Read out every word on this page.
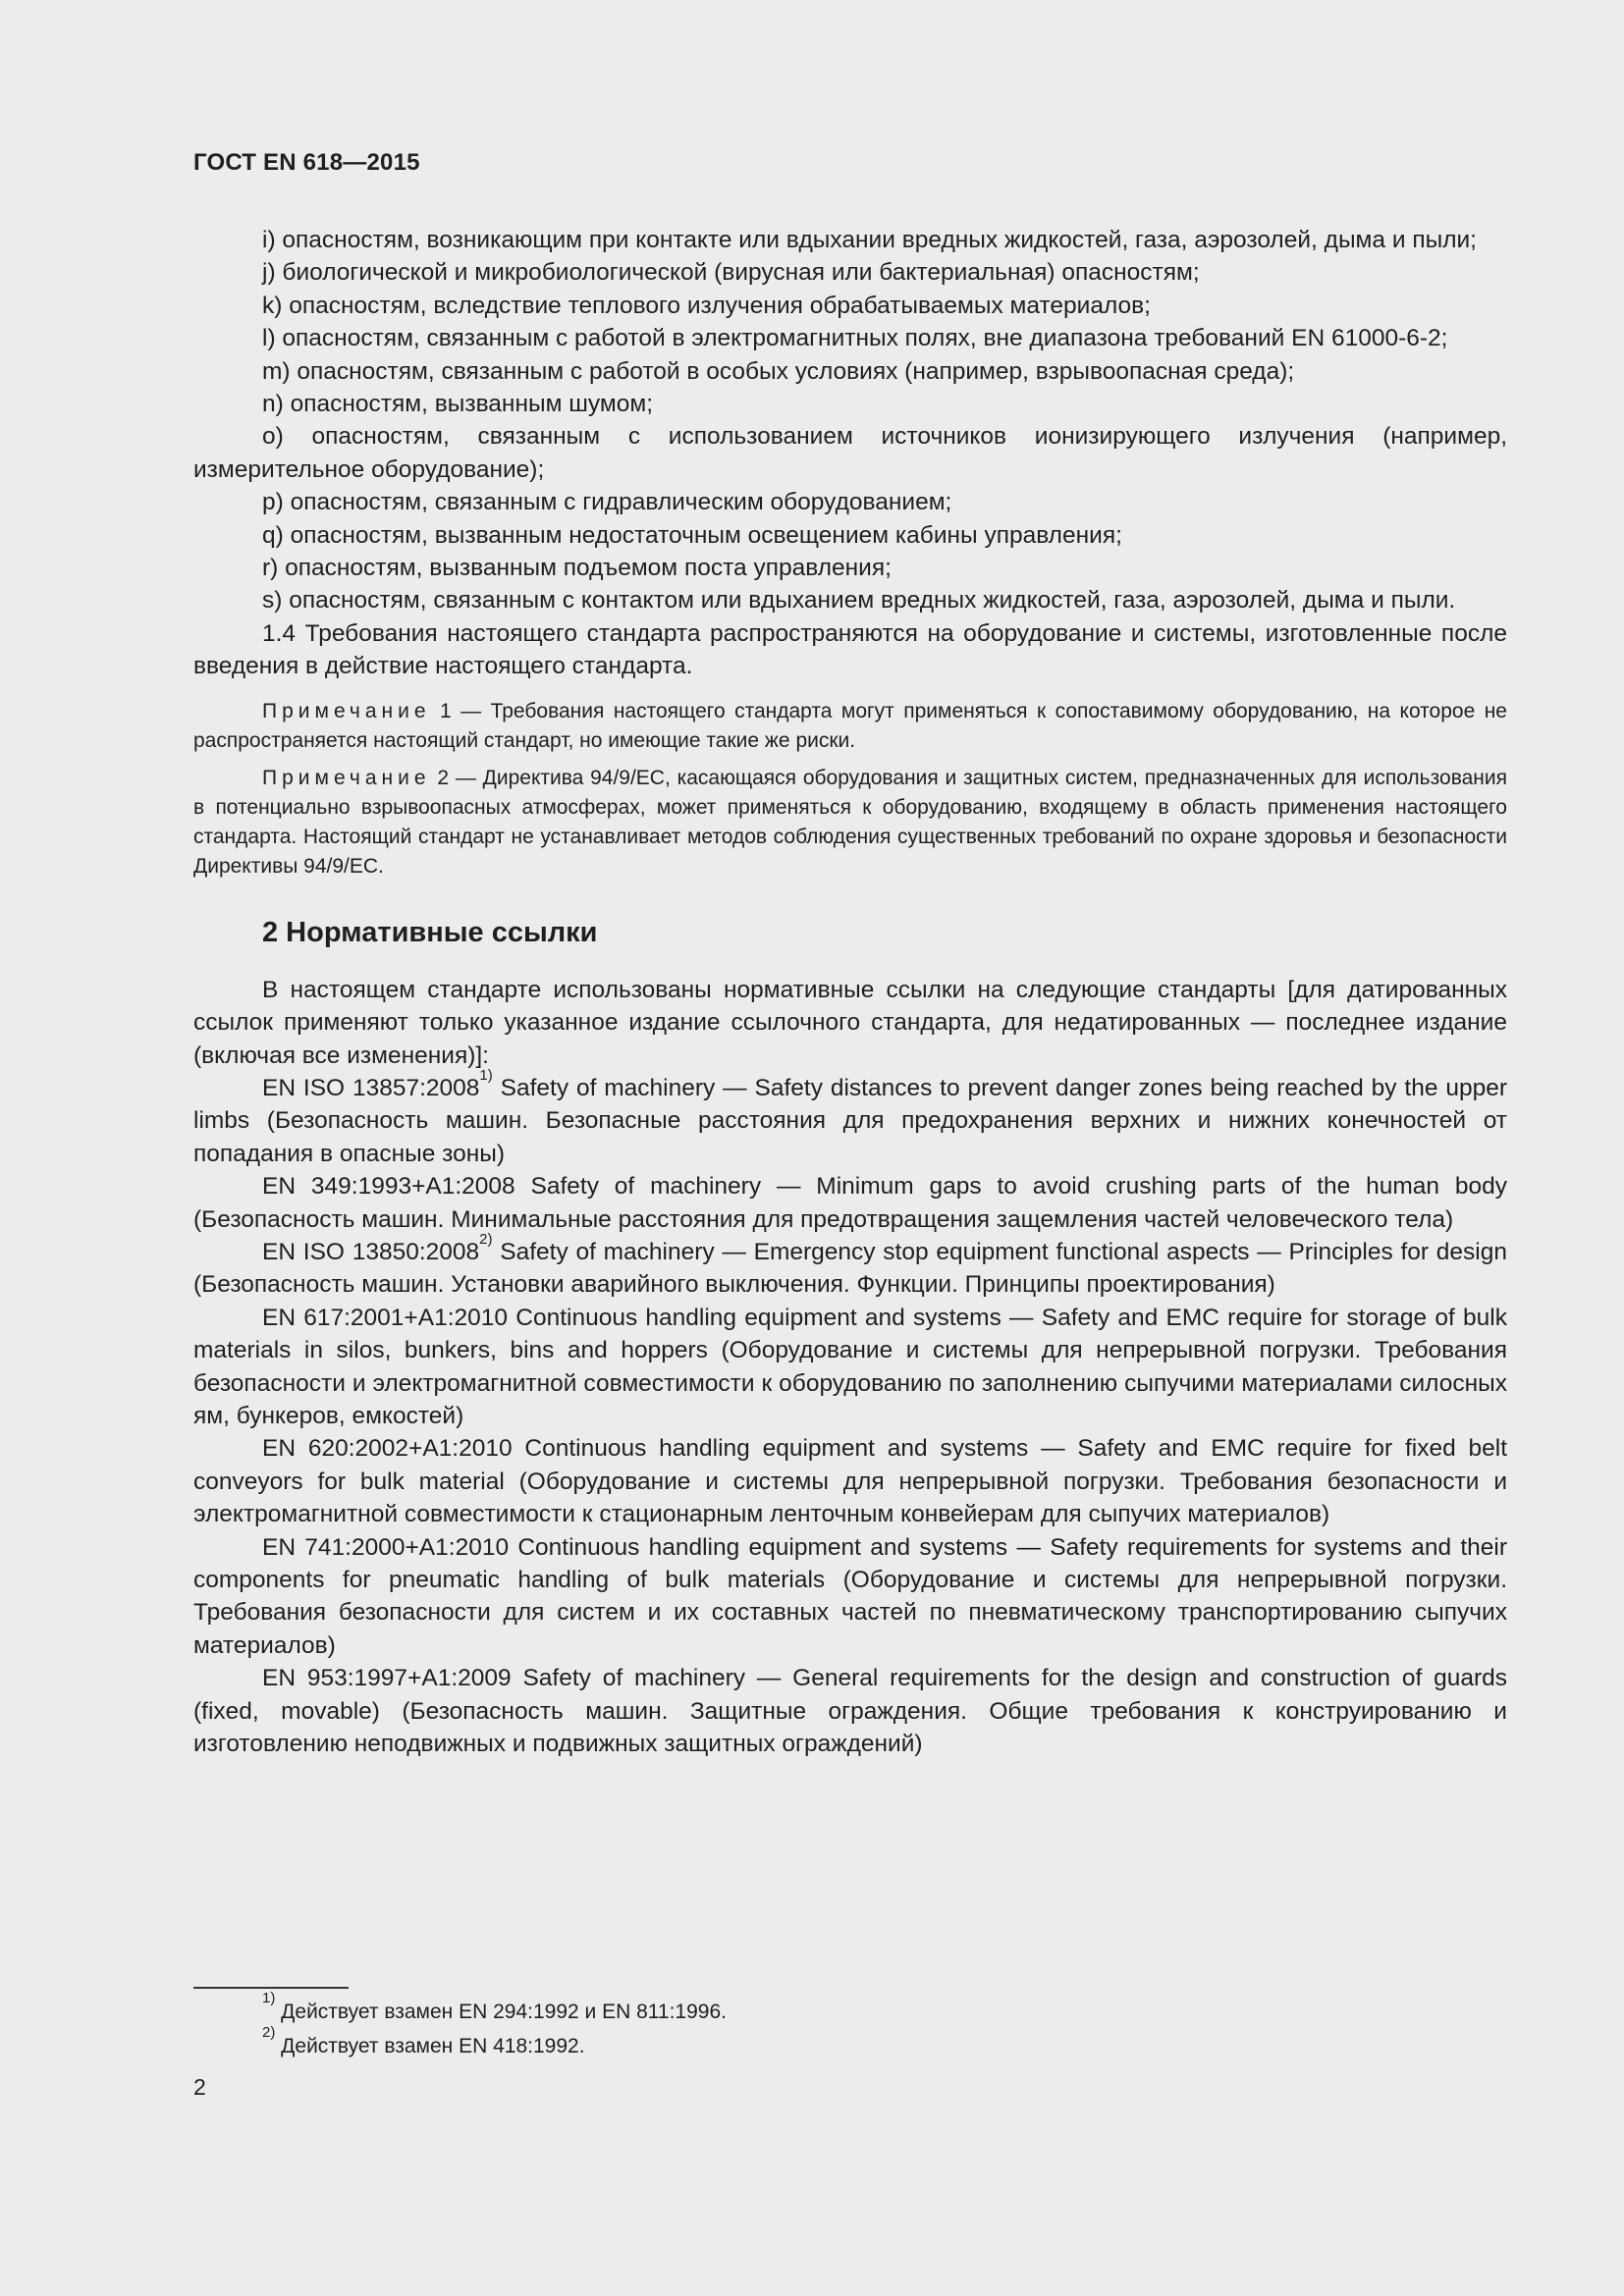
ГОСТ EN 618—2015

i) опасностям, возникающим при контакте или вдыхании вредных жидкостей, газа, аэрозолей, дыма и пыли;

j) биологической и микробиологической (вирусная или бактериальная) опасностям;

k) опасностям, вследствие теплового излучения обрабатываемых материалов;

l) опасностям, связанным с работой в электромагнитных полях, вне диапазона требований EN 61000-6-2;

m) опасностям, связанным с работой в особых условиях (например, взрывоопасная среда);

n) опасностям, вызванным шумом;

o) опасностям, связанным с использованием источников ионизирующего излучения (например, измерительное оборудование);

p) опасностям, связанным с гидравлическим оборудованием;

q) опасностям, вызванным недостаточным освещением кабины управления;

r) опасностям, вызванным подъемом поста управления;

s) опасностям, связанным с контактом или вдыханием вредных жидкостей, газа, аэрозолей, дыма и пыли.

1.4 Требования настоящего стандарта распространяются на оборудование и системы, изготовленные после введения в действие настоящего стандарта.

Примечание 1 — Требования настоящего стандарта могут применяться к сопоставимому оборудованию, на которое не распространяется настоящий стандарт, но имеющие такие же риски.

Примечание 2 — Директива 94/9/EC, касающаяся оборудования и защитных систем, предназначенных для использования в потенциально взрывоопасных атмосферах, может применяться к оборудованию, входящему в область применения настоящего стандарта. Настоящий стандарт не устанавливает методов соблюдения существенных требований по охране здоровья и безопасности Директивы 94/9/EC.

2 Нормативные ссылки

В настоящем стандарте использованы нормативные ссылки на следующие стандарты [для датированных ссылок применяют только указанное издание ссылочного стандарта, для недатированных — последнее издание (включая все изменения)]:

EN ISO 13857:2008$^{1)}$ Safety of machinery — Safety distances to prevent danger zones being reached by the upper limbs (Безопасность машин. Безопасные расстояния для предохранения верхних и нижних конечностей от попадания в опасные зоны)

EN 349:1993+A1:2008 Safety of machinery — Minimum gaps to avoid crushing parts of the human body (Безопасность машин. Минимальные расстояния для предотвращения защемления частей человеческого тела)

EN ISO 13850:2008$^{2)}$ Safety of machinery — Emergency stop equipment functional aspects — Principles for design (Безопасность машин. Установки аварийного выключения. Функции. Принципы проектирования)

EN 617:2001+A1:2010 Continuous handling equipment and systems — Safety and EMC require for storage of bulk materials in silos, bunkers, bins and hoppers (Оборудование и системы для непрерывной погрузки. Требования безопасности и электромагнитной совместимости к оборудованию по заполнению сыпучими материалами силосных ям, бункеров, емкостей)

EN 620:2002+A1:2010 Continuous handling equipment and systems — Safety and EMC require for fixed belt conveyors for bulk material (Оборудование и системы для непрерывной погрузки. Требования безопасности и электромагнитной совместимости к стационарным ленточным конвейерам для сыпучих материалов)

EN 741:2000+A1:2010 Continuous handling equipment and systems — Safety requirements for systems and their components for pneumatic handling of bulk materials (Оборудование и системы для непрерывной погрузки. Требования безопасности для систем и их составных частей по пневматическому транспортированию сыпучих материалов)

EN 953:1997+A1:2009 Safety of machinery — General requirements for the design and construction of guards (fixed, movable) (Безопасность машин. Защитные ограждения. Общие требования к конструированию и изготовлению неподвижных и подвижных защитных ограждений)

$^{1)}$ Действует взамен EN 294:1992 и EN 811:1996.

$^{2)}$ Действует взамен EN 418:1992.

2
